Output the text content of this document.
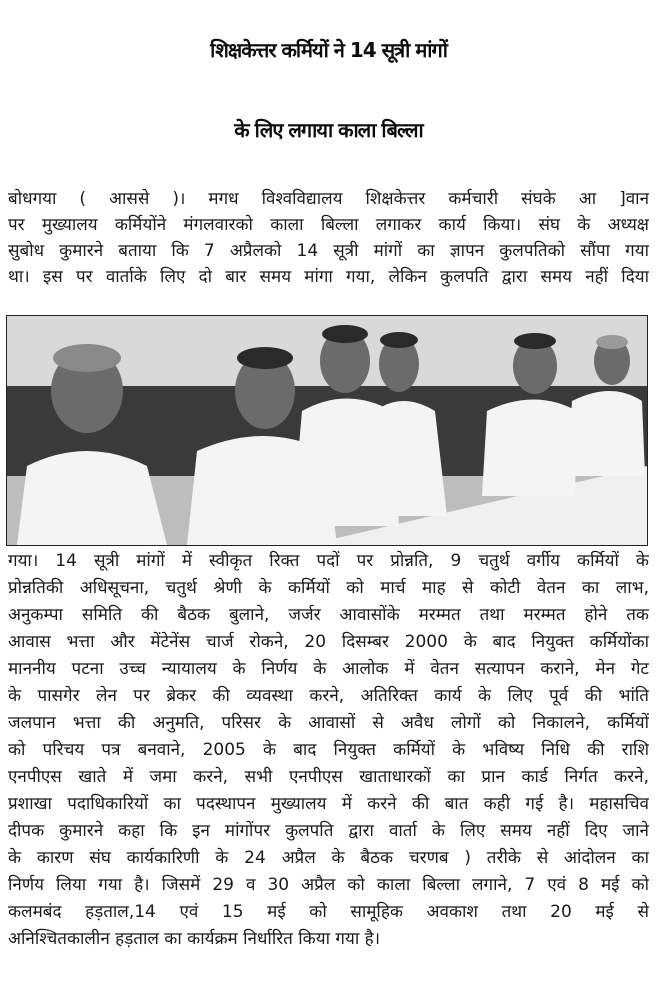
शिक्षकेत्तर कर्मियों ने 14 सूत्री मांगों
के लिए लगाया काला बिल्ला
बोधगया ( आससे )। मगध विश्वविद्यालय शिक्षकेत्तर कर्मचारी संघके आ ]वान
पर मुख्यालय कर्मियोंने मंगलवारको काला बिल्ला लगाकर कार्य किया। संघ के अध्यक्ष
सुबोध कुमारने बताया कि 7 अप्रैलको 14 सूत्री मांगों का ज्ञापन कुलपतिको सौंपा गया
था। इस पर वार्ताके लिए दो बार समय मांगा गया, लेकिन कुलपति द्वारा समय नहीं दिया
गया। 14 सूत्री मांगों में स्वीकृत रिक्त पदों पर प्रोन्नति, 9 चतुर्थ वर्गीय कर्मियों के
प्रोन्नतिकी अधिसूचना, चतुर्थ श्रेणी के कर्मियों को मार्च माह से कोटी वेतन का लाभ,
अनुकम्पा समिति की बैठक बुलाने, जर्जर आवासोंके मरम्मत तथा मरम्मत होने तक
आवास भत्ता और मेंटेनेंस चार्ज रोकने, 20 दिसम्बर 2000 के बाद नियुक्त कर्मियोंका
माननीय पटना उच्च न्यायालय के निर्णय के आलोक में वेतन सत्यापन कराने, मेन गेट
के पासगेर लेन पर ब्रेकर की व्यवस्था करने, अतिरिक्त कार्य के लिए पूर्व की भांति
जलपान भत्ता की अनुमति, परिसर के आवासों से अवैध लोगों को निकालने, कर्मियों
को परिचय पत्र बनवाने, 2005 के बाद नियुक्त कर्मियों के भविष्य निधि की राशि
एनपीएस खाते में जमा करने, सभी एनपीएस खाताधारकों का प्रान कार्ड निर्गत करने,
प्रशाखा पदाधिकारियों का पदस्थापन मुख्यालय में करने की बात कही गई है। महासचिव
दीपक कुमारने कहा कि इन मांगोंपर कुलपति द्वारा वार्ता के लिए समय नहीं दिए जाने
के कारण संघ कार्यकारिणी के 24 अप्रैल के बैठक चरणब ) तरीके से आंदोलन का
निर्णय लिया गया है। जिसमें 29 व 30 अप्रैल को काला बिल्ला लगाने, 7 एवं 8 मई को
कलमबंद हड़ताल,14 एवं 15 मई को सामूहिक अवकाश तथा 20 मई से
अनिश्चितकालीन हड़ताल का कार्यक्रम निर्धारित किया गया है।
